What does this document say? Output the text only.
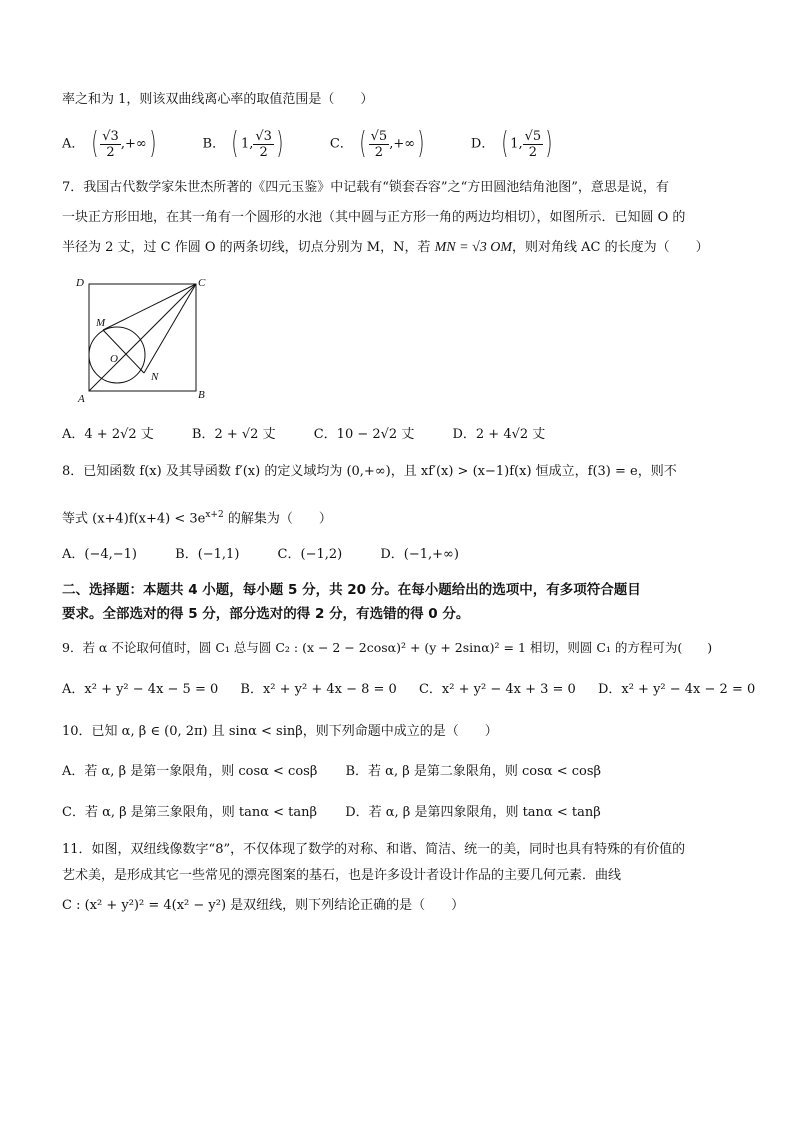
率之和为 1，则该双曲线离心率的取值范围是（　　）
A． ( $\frac{√3}{2}$ ,+∞)	B． ( 1, $\frac{√3}{2}$ )	C． ( $\frac{√5}{2}$ ,+∞)	D． ( 1, $\frac{√5}{2}$ )
7．我国古代数学家朱世杰所著的《四元玉鉴》中记载有“锁套吞容”之“方田圆池结角池图”，意思是说，有
一块正方形田地，在其一角有一个圆形的水池（其中圆与正方形一角的两边均相切），如图所示．已知圆 O 的
半径为 2 丈，过 C 作圆 O 的两条切线，切点分别为 M，N，若 MN = √3 OM，则对角线 AC 的长度为（　　）
D	C
M
O
N
A	B
A．4 + 2√2 丈	B．2 + √2 丈	C．10 − 2√2 丈	D．2 + 4√2 丈
8．已知函数 f(x) 及其导函数 f′(x) 的定义域均为 (0,+∞)，且 xf′(x) > (x−1)f(x) 恒成立，f(3) = e，则不
等式 $(x+4)f(x+4) < 3e^{x+2}$ 的解集为（　　）
A．(−4,−1)	B．(−1,1)	C．(−1,2)	D．(−1,+∞)
二、选择题：本题共 4 小题，每小题 5 分，共 20 分。在每小题给出的选项中，有多项符合题目
要求。全部选对的得 5 分，部分选对的得 2 分，有选错的得 0 分。
9．若 α 不论取何值时，圆 C₁ 总与圆 C₂ : (x − 2 − 2cosα)² + (y + 2sinα)² = 1 相切，则圆 C₁ 的方程可为(　　)
A．x² + y² − 4x − 5 = 0 B．x² + y² + 4x − 8 = 0 C．x² + y² − 4x + 3 = 0 D．x² + y² − 4x − 2 = 0
10．已知 α, β ∈ (0, 2π) 且 sinα < sinβ，则下列命题中成立的是（　　）
A．若 α, β 是第一象限角，则 cosα < cosβ B．若 α, β 是第二象限角，则 cosα < cosβ
C．若 α, β 是第三象限角，则 tanα < tanβ D．若 α, β 是第四象限角，则 tanα < tanβ
11．如图，双纽线像数字“8”，不仅体现了数学的对称、和谐、简洁、统一的美，同时也具有特殊的有价值的
艺术美，是形成其它一些常见的漂亮图案的基石，也是许多设计者设计作品的主要几何元素．曲线
C : (x² + y²)² = 4(x² − y²) 是双纽线，则下列结论正确的是（　　）
